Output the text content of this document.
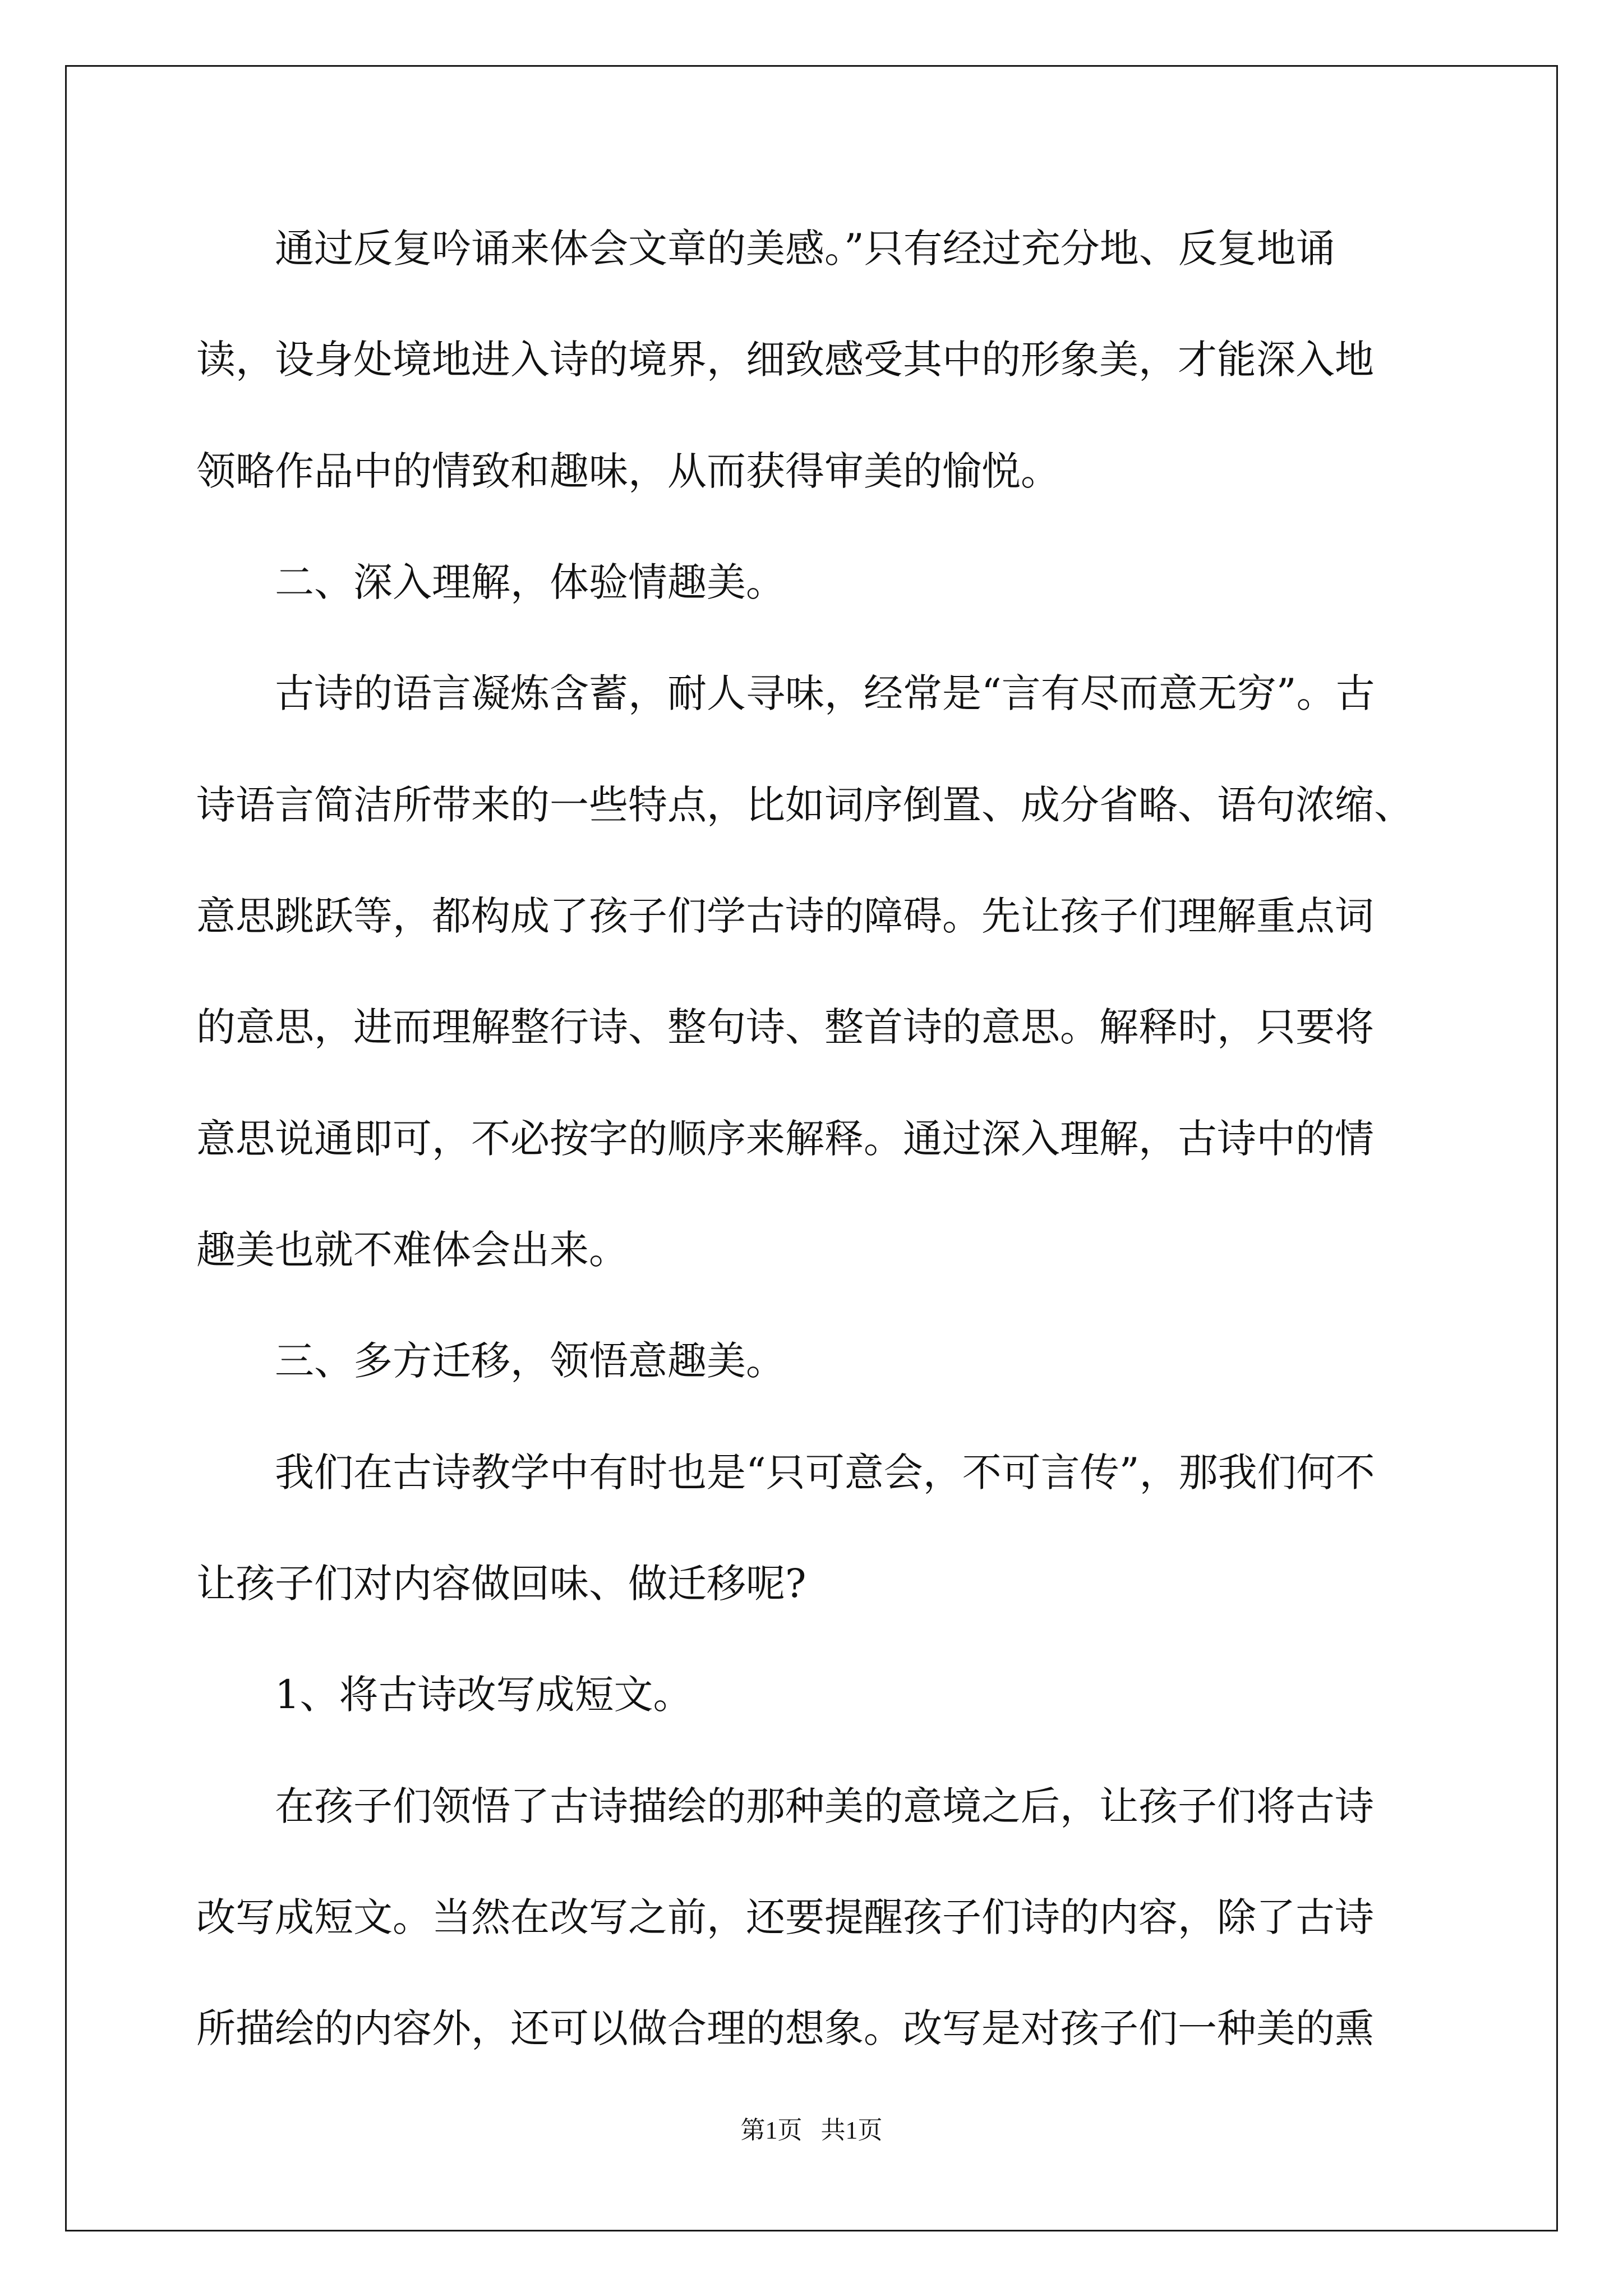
　　通过反复吟诵来体会文章的美感。”只有经过充分地、反复地诵

读，设身处境地进入诗的境界，细致感受其中的形象美，才能深入地

领略作品中的情致和趣味，从而获得审美的愉悦。

　　二、深入理解，体验情趣美。

　　古诗的语言凝炼含蓄，耐人寻味，经常是“言有尽而意无穷”。古

诗语言简洁所带来的一些特点，比如词序倒置、成分省略、语句浓缩、

意思跳跃等，都构成了孩子们学古诗的障碍。先让孩子们理解重点词

的意思，进而理解整行诗、整句诗、整首诗的意思。解释时，只要将

意思说通即可，不必按字的顺序来解释。通过深入理解，古诗中的情

趣美也就不难体会出来。

　　三、多方迁移，领悟意趣美。

　　我们在古诗教学中有时也是“只可意会，不可言传”，那我们何不

让孩子们对内容做回味、做迁移呢?

　　1、将古诗改写成短文。

　　在孩子们领悟了古诗描绘的那种美的意境之后，让孩子们将古诗

改写成短文。当然在改写之前，还要提醒孩子们诗的内容，除了古诗

所描绘的内容外，还可以做合理的想象。改写是对孩子们一种美的熏

第1页   共1页
